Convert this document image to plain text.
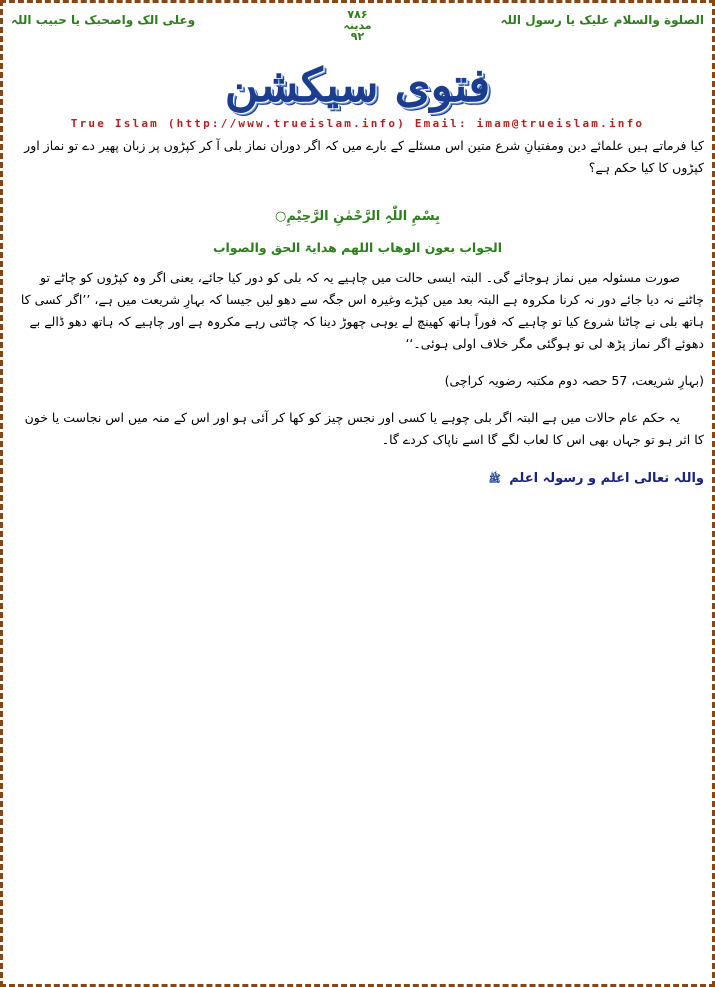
الصلوة والسلام علیک یا رسول اللہ
۷۸۶
مدینہ
۹۲
وعلی الک واصحبک یا حبیب اللہ
فتوی سیکشن
True Islam (http://www.trueislam.info) Email: imam@trueislam.info
کیا فرماتے ہیں علمائے دین ومفتیانِ شرع متین اس مسئلے کے بارے میں کہ اگر دوران نماز بلی آ کر کپڑوں پر زبان پھیر دے تو نماز اور کپڑوں کا کیا حکم ہے؟
بِسْمِ اللّٰہِ الرَّحْمٰنِ الرَّحِیْمِ○
الجواب بعون الوھاب اللھم ھدایۃ الحق والصواب
صورت مسئولہ میں نماز ہوجائے گی۔ البتہ ایسی حالت میں چاہیے یہ کہ بلی کو دور کیا جائے، یعنی اگر وہ کپڑوں کو چاٹے تو چاٹنے نہ دیا جائے دور نہ کرنا مکروہ ہے البتہ بعد میں کپڑے وغیرہ اس جگہ سے دھو لیں جیسا کہ بہارِ شریعت میں ہے، ’’اگر کسی کا ہاتھ بلی نے چاٹنا شروع کیا تو چاہیے کہ فوراً ہاتھ کھینچ لے یوہی چھوڑ دینا کہ چاٹتی رہے مکروہ ہے اور چاہیے کہ ہاتھ دھو ڈالے بے دھوئے اگر نماز پڑھ لی تو ہوگئی مگر خلاف اولی ہوئی۔‘‘
(بہارِ شریعت، 57 حصہ دوم مکتبہ رضویہ کراچی)
یہ حکم عام حالات میں ہے البتہ اگر بلی چوہے یا کسی اور نجس چیز کو کھا کر آئی ہو اور اس کے منہ میں اس نجاست یا خون کا اثر ہو تو جہاں بھی اس کا لعاب لگے گا اسے ناپاک کردے گا۔
واللہ تعالی اعلم و رسولہ اعلم ﷺ
